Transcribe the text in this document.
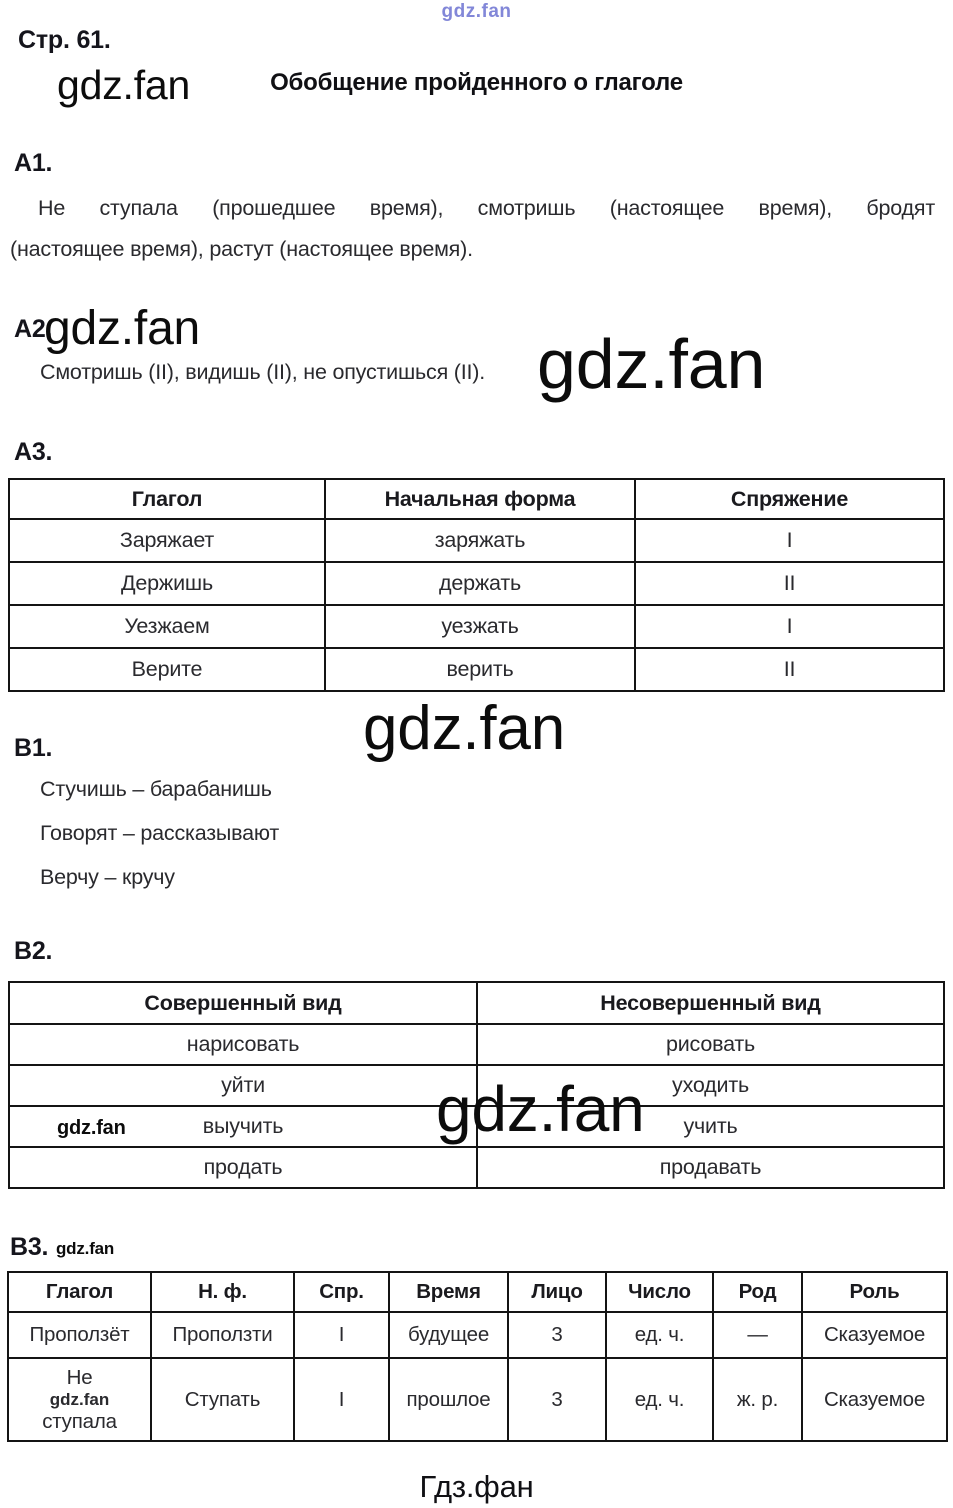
gdz.fan
Стр. 61.
gdz.fan	Обобщение пройденного о глаголе
А1.
Не ступала (прошедшее время), смотришь (настоящее время), бродят
(настоящее время), растут (настоящее время).
А2.
gdz.fan
Смотришь (II), видишь (II), не опустишься (II). gdz.fan
А3.
Глагол	Начальная форма	Спряжение
Заряжает	заряжать	I
Держишь	держать	II
Уезжаем	уезжать	I
Верите	верить	II
В1.	gdz.fan
Стучишь – барабанишь
Говорят – рассказывают
Верчу – кручу
В2.
Совершенный вид	Несовершенный вид
нарисовать	рисовать
уйти	уходить
выучить	учить
продать	продавать
gdz.fan	gdz.fan
В3. gdz.fan
Глагол	Н. ф.	Спр.	Время	Лицо	Число	Род	Роль
Проползёт	Проползти	I	будущее	3	ед. ч.	—	Сказуемое

Не
gdz.fan
ступала	Ступать	I	прошлое	3	ед. ч.	ж. р.	Сказуемое
Гдз.фан
